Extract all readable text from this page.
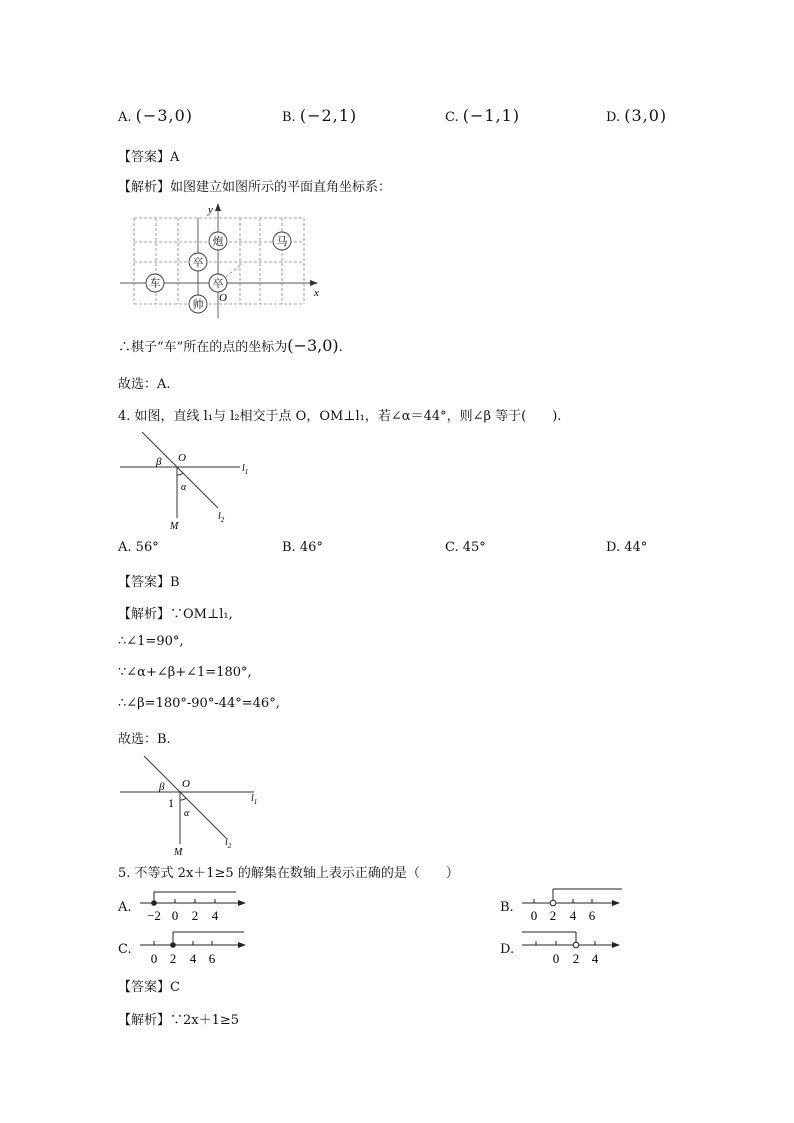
A. (−3,0)	B. (−2,1)	C. (−1,1)	D. (3,0)
【答案】A
【解析】如图建立如图所示的平面直角坐标系：
x
y
O
炮	马
卒
卒
车
帅
∴棋子“车”所在的点的坐标为(−3,0).
故选：A.
4. 如图，直线 l₁与 l₂相交于点 O，OM⊥l₁，若∠α＝44°，则∠β 等于(　　).
β O
$l_1$
α
M
$l_2$
A. 56°	B. 46°	C. 45°	D. 44°
【答案】B
【解析】∵OM⊥l₁,
∴∠1=90°,
∵∠α+∠β+∠1=180°,
∴∠β=180°-90°-44°=46°,
故选：B.
β O
1	$l_1$
α
M
$l_2$
5. 不等式 2x＋1≥5 的解集在数轴上表示正确的是（　　）
A.
−2 0 2 4
B.
0 2 4 6
C.
0 2 4 6
D.
0 2 4
【答案】C
【解析】∵2x＋1≥5
